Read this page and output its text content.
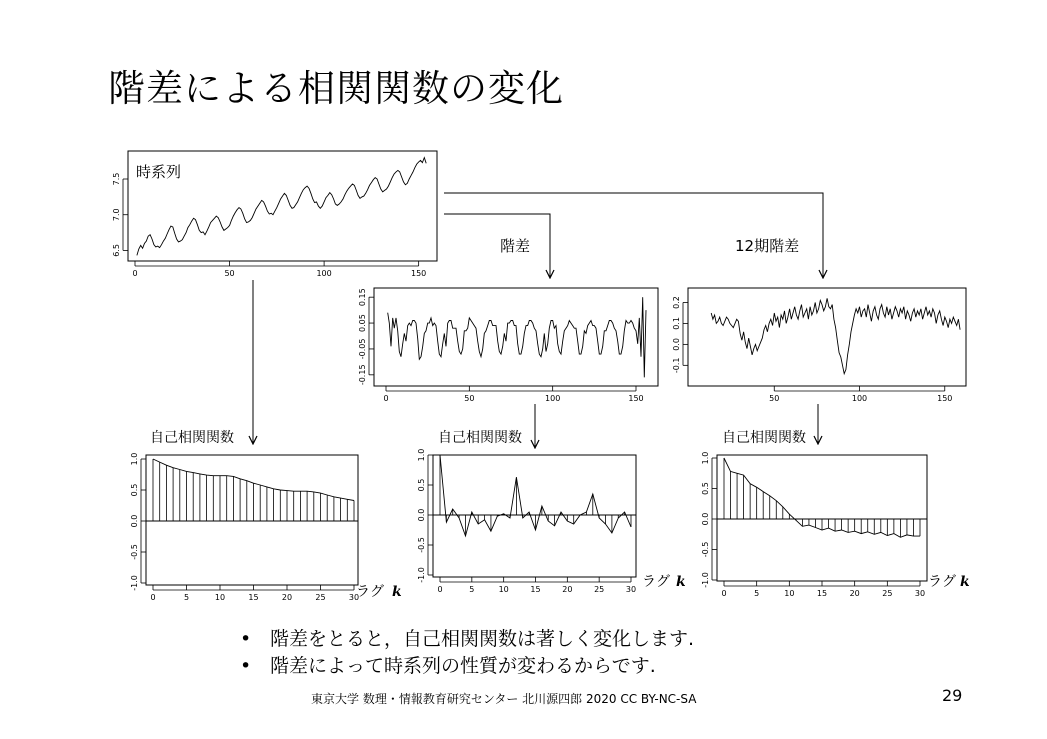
階差による相関関数の変化
時系列
階差	12期階差
自己相関関数	自己相関関数	自己相関関数
ラグ k
ラグ k	ラグ k
0	50	100	150
6.5
7.0
7.5
0	50	100	150
-0.15
-0.05
0.05
0.15
50	100	150
-0.1
0.0
0.1
0.2
0	5	10	15	20	25	30
-1.0
-0.5
0.0
0.5
1.0
0	5	10	15	20	25	30
-1.0
-0.5
0.0
0.5
1.0
0	5	10	15	20	25	30
-1.0
-0.5
0.0
0.5
1.0
• 階差をとると，自己相関関数は著しく変化します.
• 階差によって時系列の性質が変わるからです.
東京大学 数理・情報教育研究センター 北川源四郎 2020 CC BY-NC-SA	29
